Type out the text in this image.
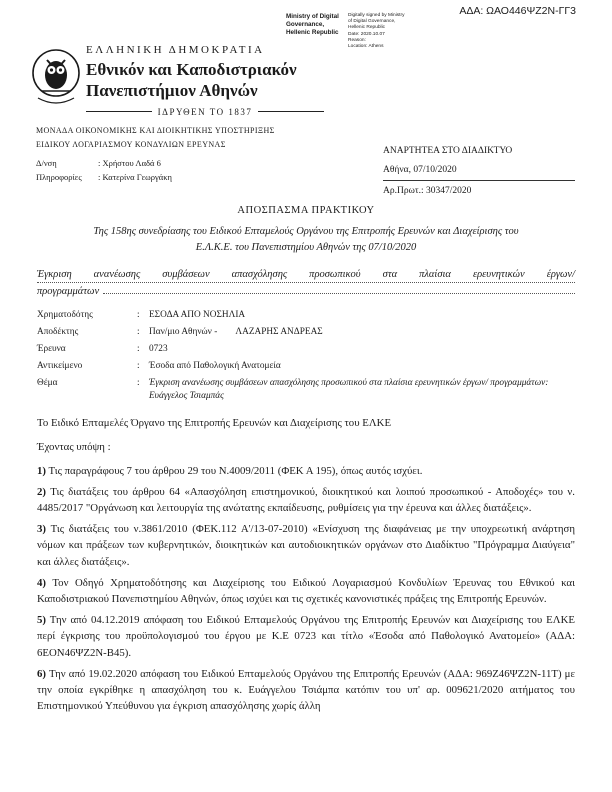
ΑΔΑ: ΩΑΟ446ΨΖ2Ν-ΓΓ3
Ministry of Digital
Governance,
Hellenic Republic
Digitally signed by Ministry
of Digital Governance,
Hellenic Republic
Date: 2020.10.07
Reason:
Location: Athens
ΕΛΛΗΝΙΚΗ ΔΗΜΟΚΡΑΤΙΑ
Εθνικόν και Καποδιστριακόν
Πανεπιστήμιον Αθηνών
ΙΔΡΥΘΕΝ ΤΟ 1837
ΜΟΝΑΔΑ ΟΙΚΟΝΟΜΙΚΗΣ ΚΑΙ ΔΙΟΙΚΗΤΙΚΗΣ ΥΠΟΣΤΗΡΙΞΗΣ
ΕΙΔΙΚΟΥ ΛΟΓΑΡΙΑΣΜΟΥ ΚΟΝΔΥΛΙΩΝ ΕΡΕΥΝΑΣ
ΑΝΑΡΤΗΤΕΑ ΣΤΟ ΔΙΑΔΙΚΤΥΟ
Δ/νση	: Χρήστου Λαδά 6
Πληροφορίες	: Κατερίνα Γεωργάκη
Αθήνα, 07/10/2020
Αρ.Πρωτ.: 30347/2020
ΑΠΟΣΠΑΣΜΑ ΠΡΑΚΤΙΚΟΥ
Της 158ης συνεδρίασης του Ειδικού Επταμελούς Οργάνου της Επιτροπής Ερευνών και Διαχείρισης του
Ε.Λ.Κ.Ε. του Πανεπιστημίου Αθηνών της 07/10/2020
Έγκριση ανανέωσης συμβάσεων απασχόλησης προσωπικού στα πλαίσια ερευνητικών έργων/
προγραμμάτων
Χρηματοδότης	:	ΕΣΟΔΑ ΑΠΟ ΝΟΣΗΛΙΑ
Αποδέκτης	:	Παν/μιο Αθηνών -        ΛΑΖΑΡΗΣ ΑΝΔΡΕΑΣ
Έρευνα	:	0723
Αντικείμενο	:	Έσοδα από Παθολογική Ανατομεία
Θέμα	:	Έγκριση ανανέωσης συμβάσεων απασχόλησης προσωπικού στα πλαίσια ερευνητικών έργων/ προγραμμάτων: Ευάγγελος Τσιαμπάς
Το Ειδικό Επταμελές Όργανο της Επιτροπής Ερευνών και Διαχείρισης του ΕΛΚΕ
Έχοντας υπόψη :
1) Τις παραγράφους 7 του άρθρου 29 του Ν.4009/2011 (ΦΕΚ Α 195), όπως αυτός ισχύει.
2) Τις διατάξεις του άρθρου 64 «Απασχόληση επιστημονικού, διοικητικού και λοιπού προσωπικού - Αποδοχές» του ν. 4485/2017 "Οργάνωση και λειτουργία της ανώτατης εκπαίδευσης, ρυθμίσεις για την έρευνα και άλλες διατάξεις».
3) Τις διατάξεις του ν.3861/2010 (ΦΕΚ.112 Α'/13-07-2010) «Ενίσχυση της διαφάνειας με την υποχρεωτική ανάρτηση νόμων και πράξεων των κυβερνητικών, διοικητικών και αυτοδιοικητικών οργάνων στο Διαδίκτυο "Πρόγραμμα Διαύγεια" και άλλες διατάξεις».
4) Τον Οδηγό Χρηματοδότησης και Διαχείρισης του Ειδικού Λογαριασμού Κονδυλίων Έρευνας του Εθνικού και Καποδιστριακού Πανεπιστημίου Αθηνών, όπως ισχύει και τις σχετικές κανονιστικές πράξεις της Επιτροπής Ερευνών.
5) Την από 04.12.2019 απόφαση του Ειδικού Επταμελούς Οργάνου της Επιτροπής Ερευνών και Διαχείρισης του ΕΛΚΕ περί έγκρισης του προϋπολογισμού του έργου με Κ.Ε 0723 και τίτλο «Έσοδα από Παθολογικό Ανατομείο» (ΑΔΑ: 6ΕΟΝ46ΨΖ2Ν-Β45).
6) Την από 19.02.2020 απόφαση του Ειδικού Επταμελούς Οργάνου της Επιτροπής Ερευνών (ΑΔΑ: 969Ζ46ΨΖ2Ν-11Τ) με την οποία εγκρίθηκε η απασχόληση του κ. Ευάγγελου Τσιάμπα κατόπιν του υπ' αρ. 009621/2020 αιτήματος του Επιστημονικού Υπεύθυνου για έγκριση απασχόλησης χωρίς άλλη
